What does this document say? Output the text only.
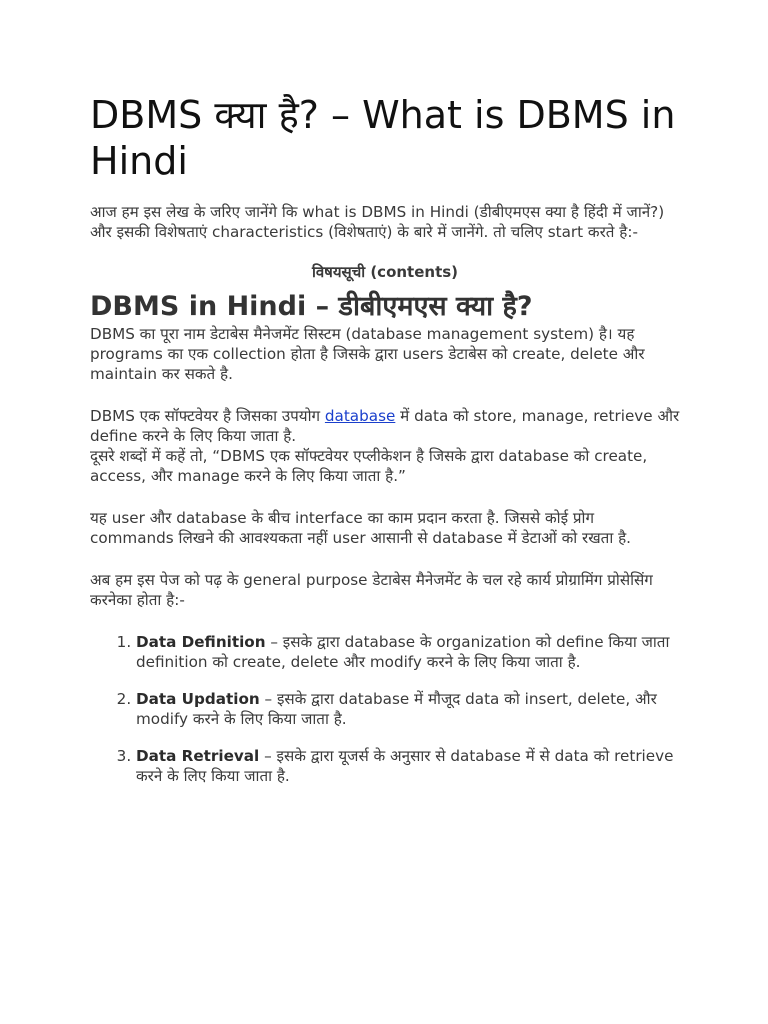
DBMS क्या है? – What is DBMS in Hindi

आज हम इस लेख के जरिए जानेंगे कि what is DBMS in Hindi (डीबीएमएस क्या है हिंदी में जानें?) और इसकी विशेषताएं characteristics (विशेषताएं) के बारे में जानेंगे. तो चलिए start करते है:-

विषयसूची (contents)
DBMS in Hindi – डीबीएमएस क्या है?

DBMS का पूरा नाम डेटाबेस मैनेजमेंट सिस्टम (database management system) है। यह programs का एक collection होता है जिसके द्वारा users डेटाबेस को create, delete और maintain कर सकते है.

DBMS एक सॉफ्टवेयर है जिसका उपयोग database में data को store, manage, retrieve और define करने के लिए किया जाता है.

दूसरे शब्दों में कहें तो, “DBMS एक सॉफ्टवेयर एप्लीकेशन है जिसके द्वारा database को create, access, और manage करने के लिए किया जाता है.”

यह user और database के बीच interface का काम प्रदान करता है. जिससे कोई प्रोग commands लिखने की आवश्यकता नहीं user आसानी से database में डेटाओं को रखता है.

अब हम इस पेज को पढ़ के general purpose डेटाबेस मैनेजमेंट के चल रहे कार्य प्रोग्रामिंग प्रोसेसिंग करनेका होता है:-

1. Data Definition – इसके द्वारा database के organization को define किया जाता definition को create, delete और modify करने के लिए किया जाता है.
2. Data Updation – इसके द्वारा database में मौजूद data को insert, delete, और modify करने के लिए किया जाता है.
3. Data Retrieval – इसके द्वारा यूजर्स के अनुसार से database में से data को retrieve करने के लिए किया जाता है.
